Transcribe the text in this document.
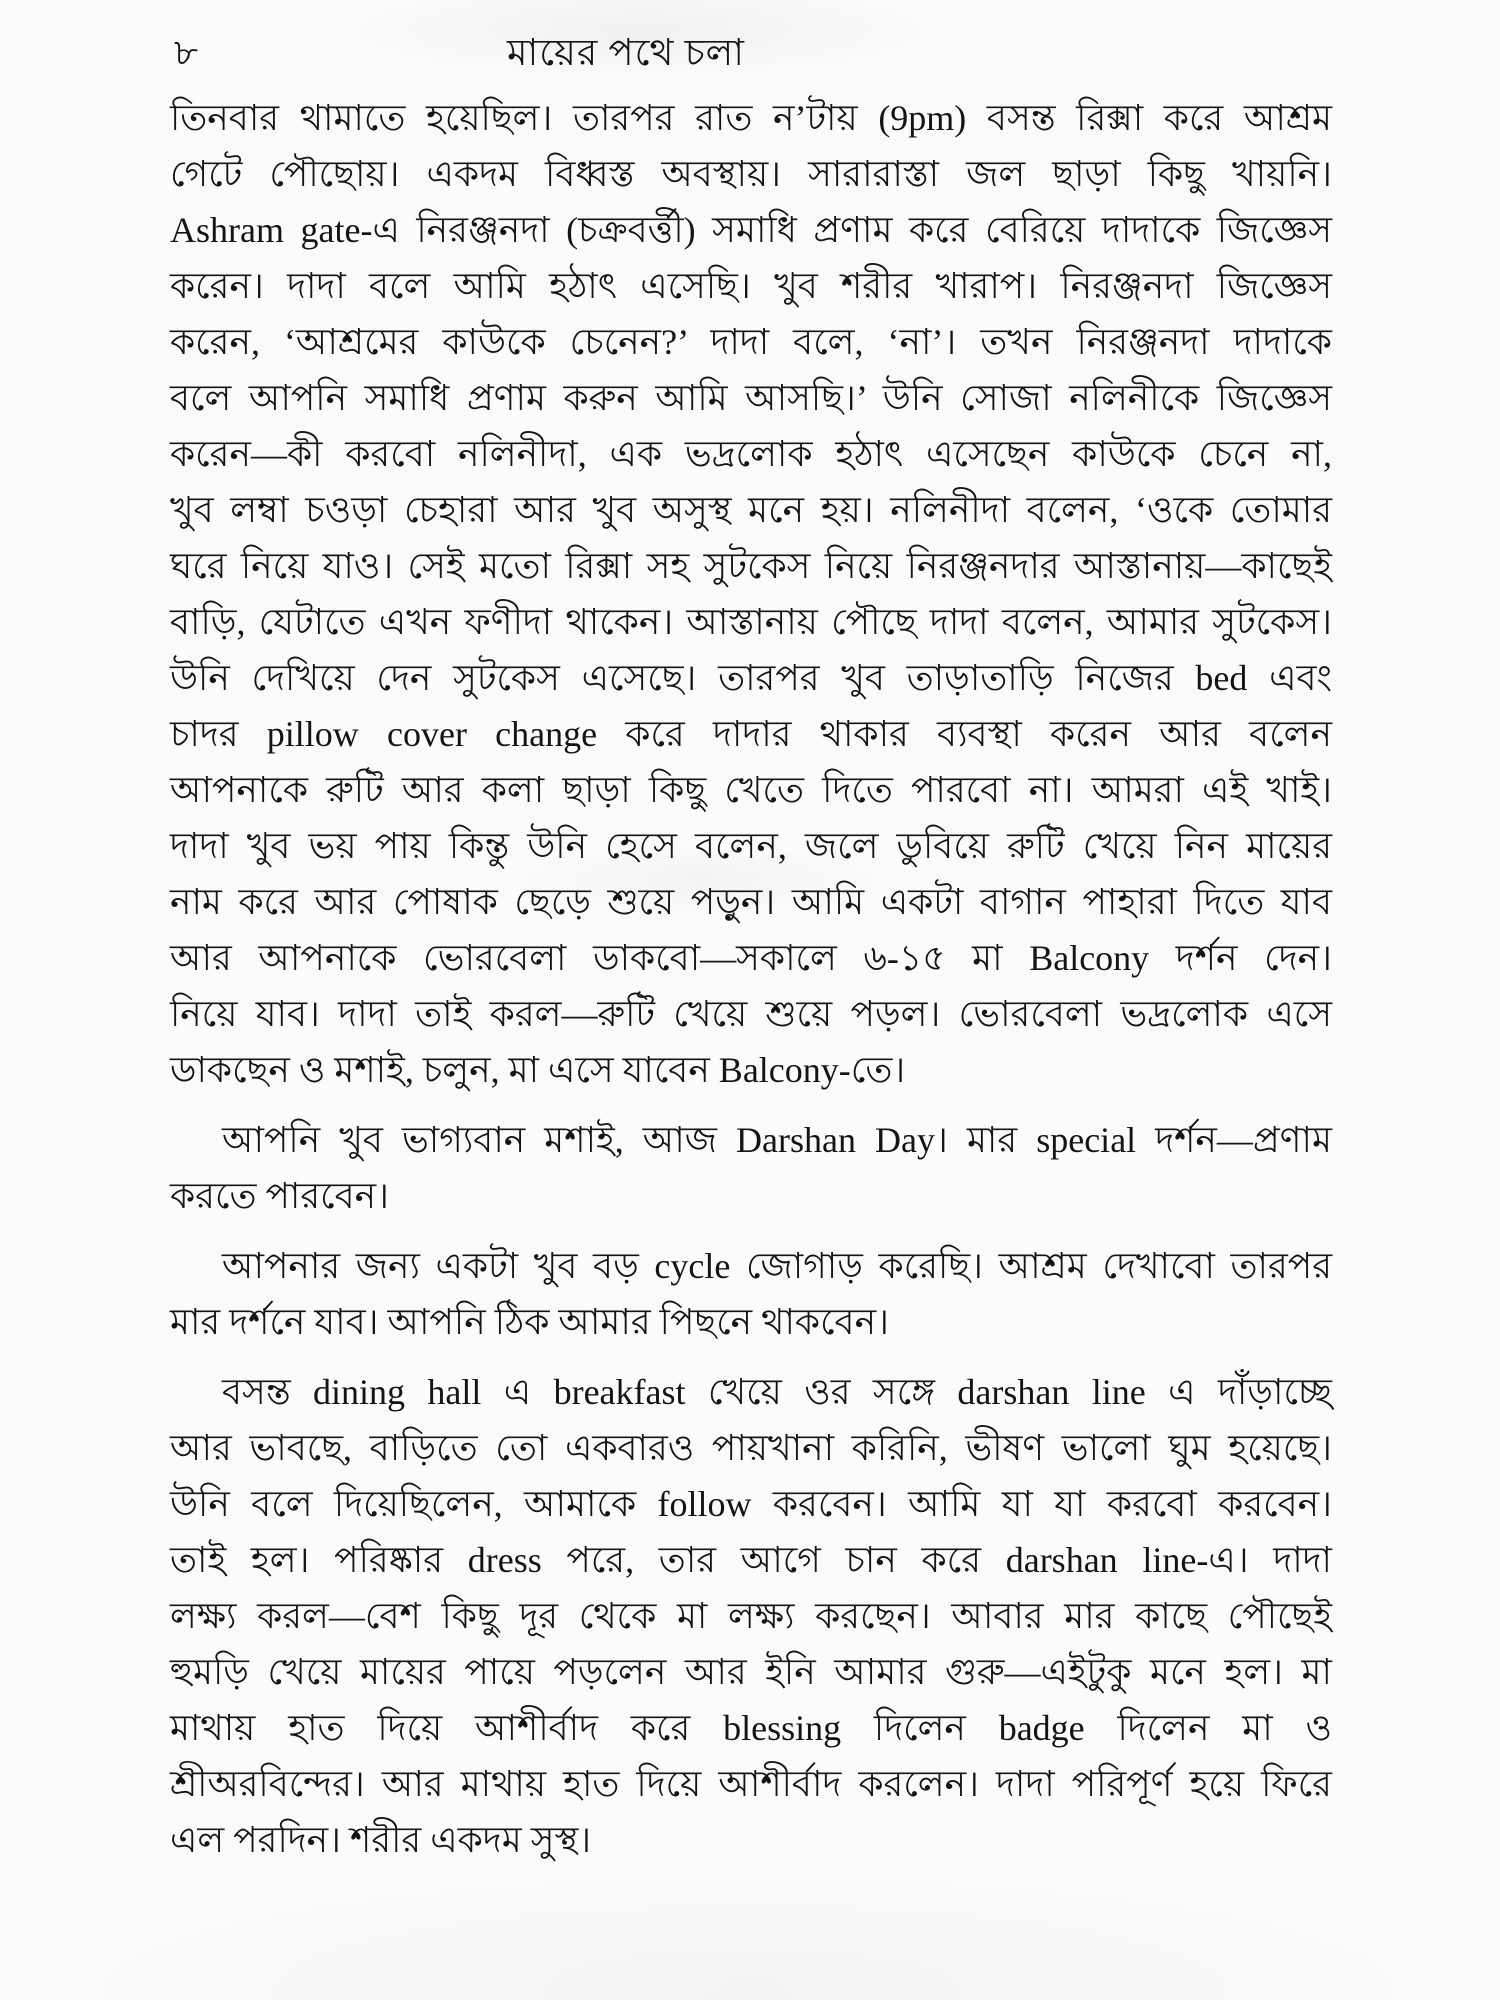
৮	মায়ের পথে চলা

তিনবার থামাতে হয়েছিল। তারপর রাত ন’টায় (9pm) বসন্ত রিক্সা করে আশ্রম
গেটে পৌছোয়। একদম বিধ্বস্ত অবস্থায়। সারারাস্তা জল ছাড়া কিছু খায়নি।
Ashram gate-এ নিরঞ্জনদা (চক্রবর্ত্তী) সমাধি প্রণাম করে বেরিয়ে দাদাকে জিজ্ঞেস
করেন। দাদা বলে আমি হঠাৎ এসেছি। খুব শরীর খারাপ। নিরঞ্জনদা জিজ্ঞেস
করেন, ‘আশ্রমের কাউকে চেনেন?’ দাদা বলে, ‘না’। তখন নিরঞ্জনদা দাদাকে
বলে আপনি সমাধি প্রণাম করুন আমি আসছি।’ উনি সোজা নলিনীকে জিজ্ঞেস
করেন—কী করবো নলিনীদা, এক ভদ্রলোক হঠাৎ এসেছেন কাউকে চেনে না,
খুব লম্বা চওড়া চেহারা আর খুব অসুস্থ মনে হয়। নলিনীদা বলেন, ‘ওকে তোমার
ঘরে নিয়ে যাও। সেই মতো রিক্সা সহ সুটকেস নিয়ে নিরঞ্জনদার আস্তানায়—কাছেই
বাড়ি, যেটাতে এখন ফণীদা থাকেন। আস্তানায় পৌছে দাদা বলেন, আমার সুটকেস।
উনি দেখিয়ে দেন সুটকেস এসেছে। তারপর খুব তাড়াতাড়ি নিজের bed এবং
চাদর pillow cover change করে দাদার থাকার ব্যবস্থা করেন আর বলেন
আপনাকে রুটি আর কলা ছাড়া কিছু খেতে দিতে পারবো না। আমরা এই খাই।
দাদা খুব ভয় পায় কিন্তু উনি হেসে বলেন, জলে ডুবিয়ে রুটি খেয়ে নিন মায়ের
নাম করে আর পোষাক ছেড়ে শুয়ে পড়ুন। আমি একটা বাগান পাহারা দিতে যাব
আর আপনাকে ভোরবেলা ডাকবো—সকালে ৬-১৫ মা Balcony দর্শন দেন।
নিয়ে যাব। দাদা তাই করল—রুটি খেয়ে শুয়ে পড়ল। ভোরবেলা ভদ্রলোক এসে
ডাকছেন ও মশাই, চলুন, মা এসে যাবেন Balcony-তে।

আপনি খুব ভাগ্যবান মশাই, আজ Darshan Day। মার special দর্শন—প্রণাম
করতে পারবেন।

আপনার জন্য একটা খুব বড় cycle জোগাড় করেছি। আশ্রম দেখাবো তারপর
মার দর্শনে যাব। আপনি ঠিক আমার পিছনে থাকবেন।

বসন্ত dining hall এ breakfast খেয়ে ওর সঙ্গে darshan line এ দাঁড়াচ্ছে
আর ভাবছে, বাড়িতে তো একবারও পায়খানা করিনি, ভীষণ ভালো ঘুম হয়েছে।
উনি বলে দিয়েছিলেন, আমাকে follow করবেন। আমি যা যা করবো করবেন।
তাই হল। পরিষ্কার dress পরে, তার আগে চান করে darshan line-এ। দাদা
লক্ষ্য করল—বেশ কিছু দূর থেকে মা লক্ষ্য করছেন। আবার মার কাছে পৌছেই
হুমড়ি খেয়ে মায়ের পায়ে পড়লেন আর ইনি আমার গুরু—এইটুকু মনে হল। মা
মাথায় হাত দিয়ে আশীর্বাদ করে blessing দিলেন badge দিলেন মা ও
শ্রীঅরবিন্দের। আর মাথায় হাত দিয়ে আশীর্বাদ করলেন। দাদা পরিপূর্ণ হয়ে ফিরে
এল পরদিন। শরীর একদম সুস্থ।
